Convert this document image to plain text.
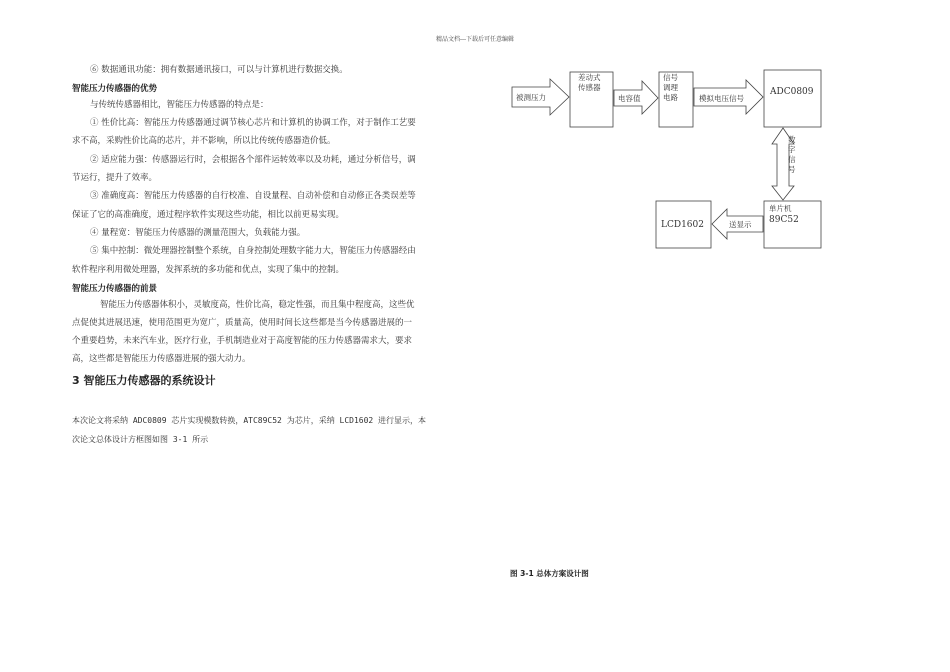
精品文档---下载后可任意编辑
⑥ 数据通讯功能：拥有数据通讯接口，可以与计算机进行数据交换。
智能压力传感器的优势
与传统传感器相比，智能压力传感器的特点是：
① 性价比高：智能压力传感器通过调节核心芯片和计算机的协调工作，对于制作工艺要
求不高，采购性价比高的芯片，并不影响，所以比传统传感器造价低。
② 适应能力强：传感器运行时，会根据各个部件运转效率以及功耗，通过分析信号，调
节运行，提升了效率。
③ 准确度高：智能压力传感器的自行校准、自设量程、自动补偿和自动修正各类误差等
保证了它的高准确度，通过程序软件实现这些功能，相比以前更易实现。
④ 量程宽：智能压力传感器的测量范围大，负载能力强。
⑤ 集中控制：微处理器控制整个系统，自身控制处理数字能力大，智能压力传感器经由
软件程序利用微处理器，发挥系统的多功能和优点，实现了集中的控制。
智能压力传感器的前景
智能压力传感器体积小，灵敏度高，性价比高，稳定性强，而且集中程度高，这些优
点促使其进展迅速，使用范围更为宽广，质量高，使用时间长这些都是当今传感器进展的一
个重要趋势，未来汽车业，医疗行业，手机制造业对于高度智能的压力传感器需求大，要求
高，这些都是智能压力传感器进展的强大动力。
3 智能压力传感器的系统设计
本次论文将采纳 ADC0809 芯片实现模数转换，ATC89C52 为芯片，采纳 LCD1602 进行显示，本
次论文总体设计方框图如图 3-1 所示
被测压力
差动式
传感器
电容值
信号
调理
电路	模拟电压信号
ADC0809
数
字
信
号
单片机
89C52
送显示
LCD1602
图 3-1 总体方案设计图
